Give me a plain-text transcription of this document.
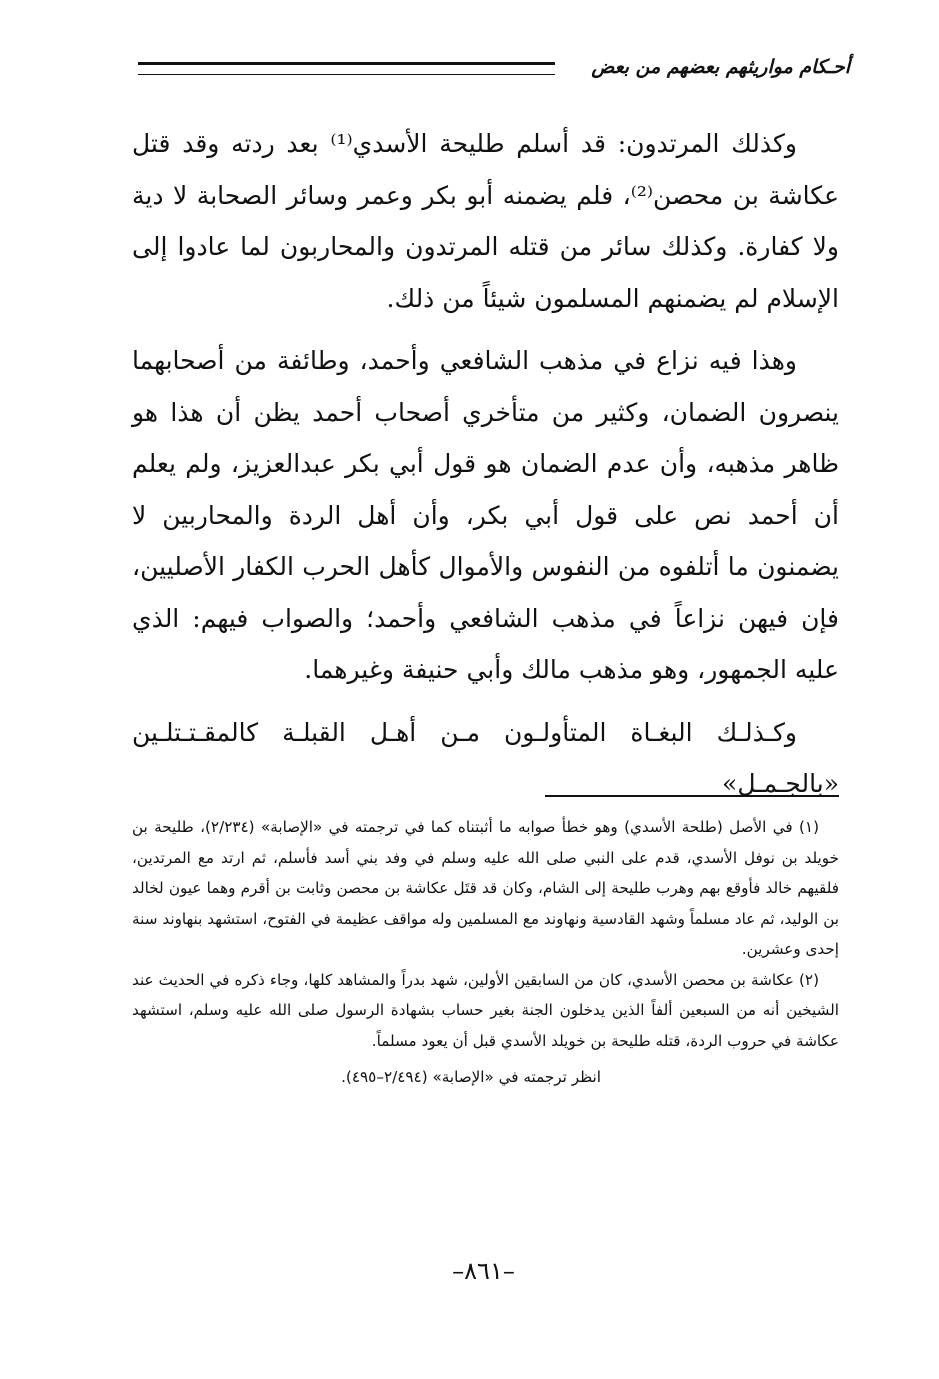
أحـكام مواريثهم بعضهم من بعض

وكذلك المرتدون: قد أسلم طليحة الأسدي⁽¹⁾ بعد ردته وقد قتل عكاشة بن محصن⁽²⁾، فلم يضمنه أبو بكر وعمر وسائر الصحابة لا دية ولا كفارة. وكذلك سائر من قتله المرتدون والمحاربون لما عادوا إلى الإسلام لم يضمنهم المسلمون شيئاً من ذلك.

وهذا فيه نزاع في مذهب الشافعي وأحمد، وطائفة من أصحابهما ينصرون الضمان، وكثير من متأخري أصحاب أحمد يظن أن هذا هو ظاهر مذهبه، وأن عدم الضمان هو قول أبي بكر عبدالعزيز، ولم يعلم أن أحمد نص على قول أبي بكر، وأن أهل الردة والمحاربين لا يضمنون ما أتلفوه من النفوس والأموال كأهل الحرب الكفار الأصليين، فإن فيهن نزاعاً في مذهب الشافعي وأحمد؛ والصواب فيهم: الذي عليه الجمهور، وهو مذهب مالك وأبي حنيفة وغيرهما.

وكـذلـك البغـاة المتأولـون مـن أهـل القبلـة كالمقـتـتلـين «بالجـمـل»

(١) في الأصل (طلحة الأسدي) وهو خطأ صوابه ما أثبتناه كما في ترجمته في «الإصابة» (٢/٢٣٤)، طليحة بن خويلد بن نوفل الأسدي، قدم على النبي صلى الله عليه وسلم في وفد بني أسد فأسلم، ثم ارتد مع المرتدين، فلقيهم خالد فأوقع بهم وهرب طليحة إلى الشام، وكان قد قتَل عكاشة بن محصن وثابت بن أقرم وهما عيون لخالد بن الوليد، ثم عاد مسلماً وشهد القادسية ونهاوند مع المسلمين وله مواقف عظيمة في الفتوح، استشهد بنهاوند سنة إحدى وعشرين.

(٢) عكاشة بن محصن الأسدي، كان من السابقين الأولين، شهد بدراً والمشاهد كلها، وجاء ذكره في الحديث عند الشيخين أنه من السبعين ألفاً الذين يدخلون الجنة بغير حساب بشهادة الرسول صلى الله عليه وسلم، استشهد عكاشة في حروب الردة، قتله طليحة بن خويلد الأسدي قبل أن يعود مسلماً.

انظر ترجمته في «الإصابة» (٢/٤٩٤–٤٩٥).

–٨٦١–
